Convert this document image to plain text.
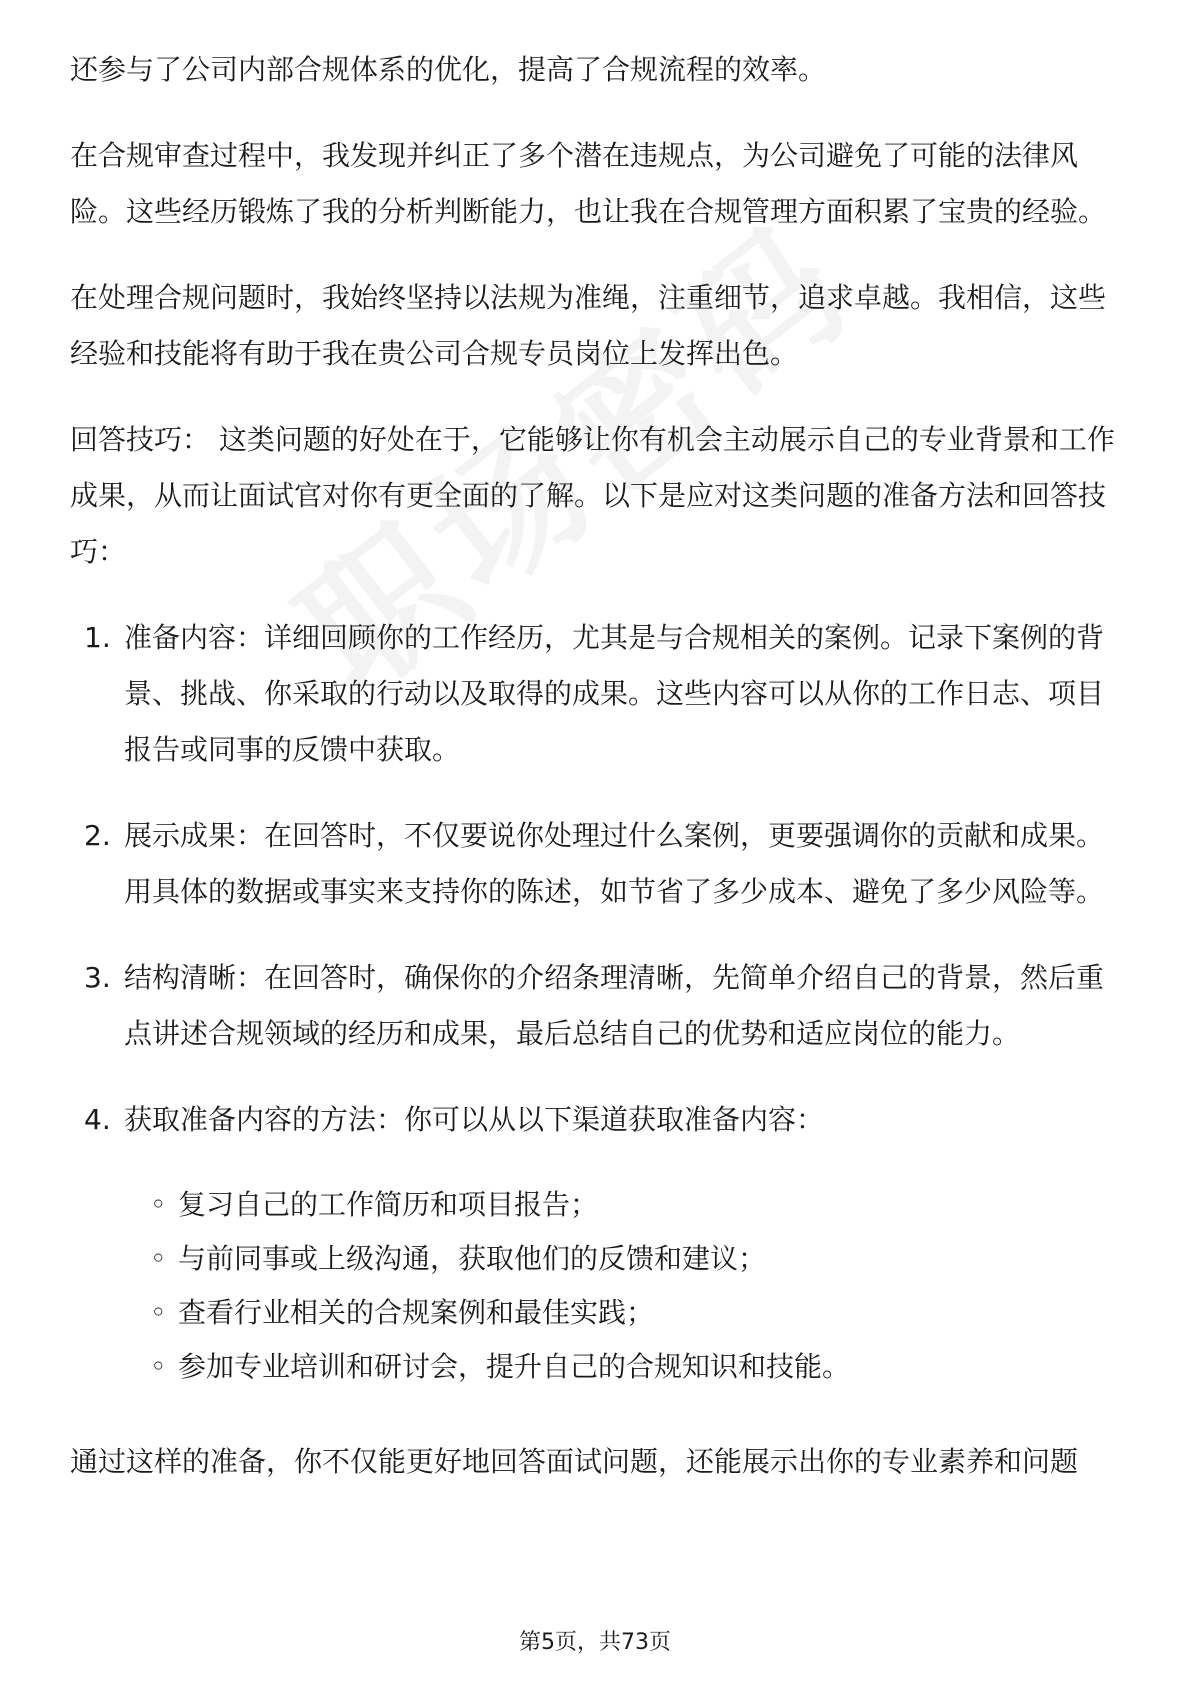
还参与了公司内部合规体系的优化，提高了合规流程的效率。

在合规审查过程中，我发现并纠正了多个潜在违规点，为公司避免了可能的法律风险。这些经历锻炼了我的分析判断能力，也让我在合规管理方面积累了宝贵的经验。

在处理合规问题时，我始终坚持以法规为准绳，注重细节，追求卓越。我相信，这些经验和技能将有助于我在贵公司合规专员岗位上发挥出色。

回答技巧： 这类问题的好处在于，它能够让你有机会主动展示自己的专业背景和工作成果，从而让面试官对你有更全面的了解。以下是应对这类问题的准备方法和回答技巧：

1. 准备内容：详细回顾你的工作经历，尤其是与合规相关的案例。记录下案例的背景、挑战、你采取的行动以及取得的成果。这些内容可以从你的工作日志、项目报告或同事的反馈中获取。
2. 展示成果：在回答时，不仅要说你处理过什么案例，更要强调你的贡献和成果。用具体的数据或事实来支持你的陈述，如节省了多少成本、避免了多少风险等。
3. 结构清晰：在回答时，确保你的介绍条理清晰，先简单介绍自己的背景，然后重点讲述合规领域的经历和成果，最后总结自己的优势和适应岗位的能力。
4. 获取准备内容的方法：你可以从以下渠道获取准备内容：
◦ 复习自己的工作简历和项目报告；
◦ 与前同事或上级沟通，获取他们的反馈和建议；
◦ 查看行业相关的合规案例和最佳实践；
◦ 参加专业培训和研讨会，提升自己的合规知识和技能。

通过这样的准备，你不仅能更好地回答面试问题，还能展示出你的专业素养和问题

第5页，共73页
